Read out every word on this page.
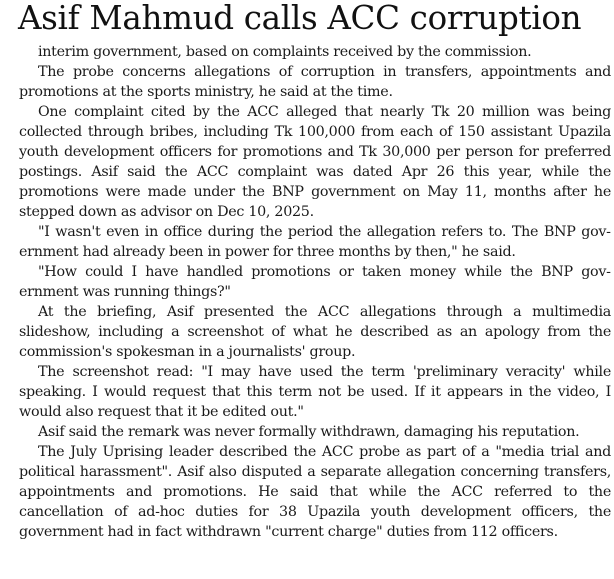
Asif Mahmud calls ACC corruption

interim government, based on complaints received by the commission.

The probe concerns allegations of corruption in transfers, appointments and promotions at the sports ministry, he said at the time.

One complaint cited by the ACC alleged that nearly Tk 20 million was being collected through bribes, including Tk 100,000 from each of 150 assistant Upazila youth development officers for promotions and Tk 30,000 per person for preferred postings. Asif said the ACC complaint was dated Apr 26 this year, while the promotions were made under the BNP government on May 11, months after he stepped down as advisor on Dec 10, 2025.

"I wasn't even in office during the period the allegation refers to. The BNP government had already been in power for three months by then," he said.

"How could I have handled promotions or taken money while the BNP government was running things?"

At the briefing, Asif presented the ACC allegations through a multimedia slideshow, including a screenshot of what he described as an apology from the commission's spokesman in a journalists' group.

The screenshot read: "I may have used the term 'preliminary veracity' while speaking. I would request that this term not be used. If it appears in the video, I would also request that it be edited out."

Asif said the remark was never formally withdrawn, damaging his reputation.

The July Uprising leader described the ACC probe as part of a "media trial and political harassment". Asif also disputed a separate allegation concerning transfers, appointments and promotions. He said that while the ACC referred to the cancellation of ad-hoc duties for 38 Upazila youth development officers, the government had in fact withdrawn "current charge" duties from 112 officers.
